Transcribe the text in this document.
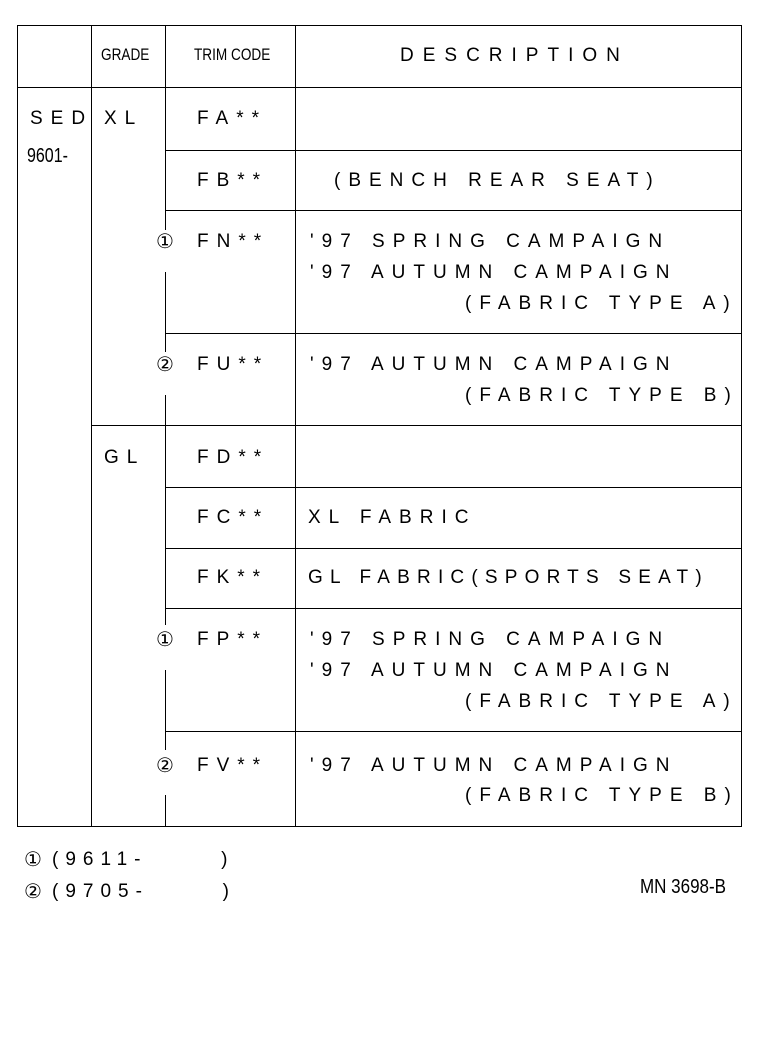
GRADE	TRIM CODE	DESCRIPTION
SED
9601-
XL	FA**
FB**	(BENCH REAR SEAT)
① FN** '97 SPRING CAMPAIGN
'97 AUTUMN CAMPAIGN
(FABRIC TYPE A)
② FU** '97 AUTUMN CAMPAIGN
(FABRIC TYPE B)
GL	FD**
FC** XL FABRIC
FK** GL FABRIC(SPORTS SEAT)
① FP** '97 SPRING CAMPAIGN
'97 AUTUMN CAMPAIGN
(FABRIC TYPE A)
② FV** '97 AUTUMN CAMPAIGN
(FABRIC TYPE B)
① (9611-      )
② (9705-      )	MN 3698-B
